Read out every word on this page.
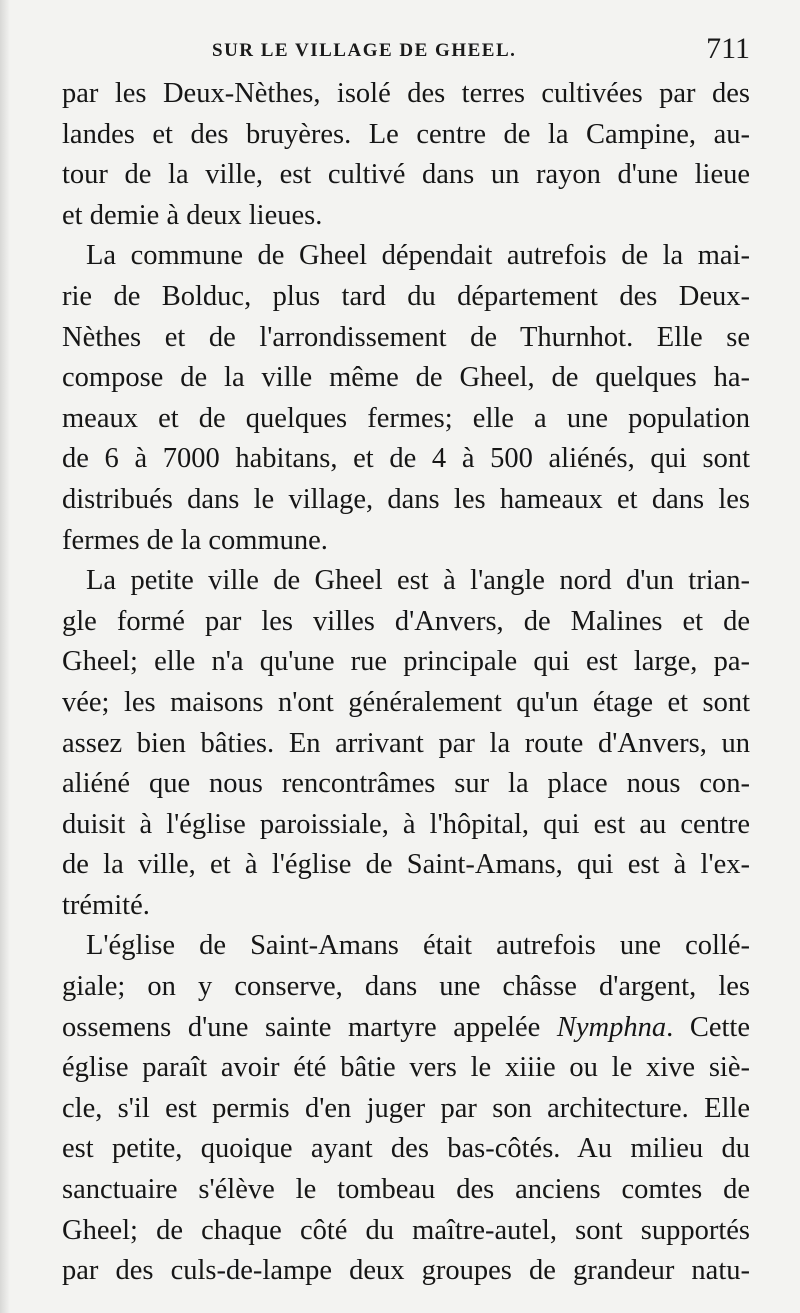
SUR LE VILLAGE DE GHEEL.	711
par les Deux-Nèthes, isolé des terres cultivées par des
landes et des bruyères. Le centre de la Campine, au-
tour de la ville, est cultivé dans un rayon d'une lieue
et demie à deux lieues.
La commune de Gheel dépendait autrefois de la mai-
rie de Bolduc, plus tard du département des Deux-
Nèthes et de l'arrondissement de Thurnhot. Elle se
compose de la ville même de Gheel, de quelques ha-
meaux et de quelques fermes; elle a une population
de 6 à 7000 habitans, et de 4 à 500 aliénés, qui sont
distribués dans le village, dans les hameaux et dans les
fermes de la commune.
La petite ville de Gheel est à l'angle nord d'un trian-
gle formé par les villes d'Anvers, de Malines et de
Gheel; elle n'a qu'une rue principale qui est large, pa-
vée; les maisons n'ont généralement qu'un étage et sont
assez bien bâties. En arrivant par la route d'Anvers, un
aliéné que nous rencontrâmes sur la place nous con-
duisit à l'église paroissiale, à l'hôpital, qui est au centre
de la ville, et à l'église de Saint-Amans, qui est à l'ex-
trémité.
L'église de Saint-Amans était autrefois une collé-
giale; on y conserve, dans une châsse d'argent, les
ossemens d'une sainte martyre appelée Nymphna. Cette
église paraît avoir été bâtie vers le xiiie ou le xive siè-
cle, s'il est permis d'en juger par son architecture. Elle
est petite, quoique ayant des bas-côtés. Au milieu du
sanctuaire s'élève le tombeau des anciens comtes de
Gheel; de chaque côté du maître-autel, sont supportés
par des culs-de-lampe deux groupes de grandeur natu-
